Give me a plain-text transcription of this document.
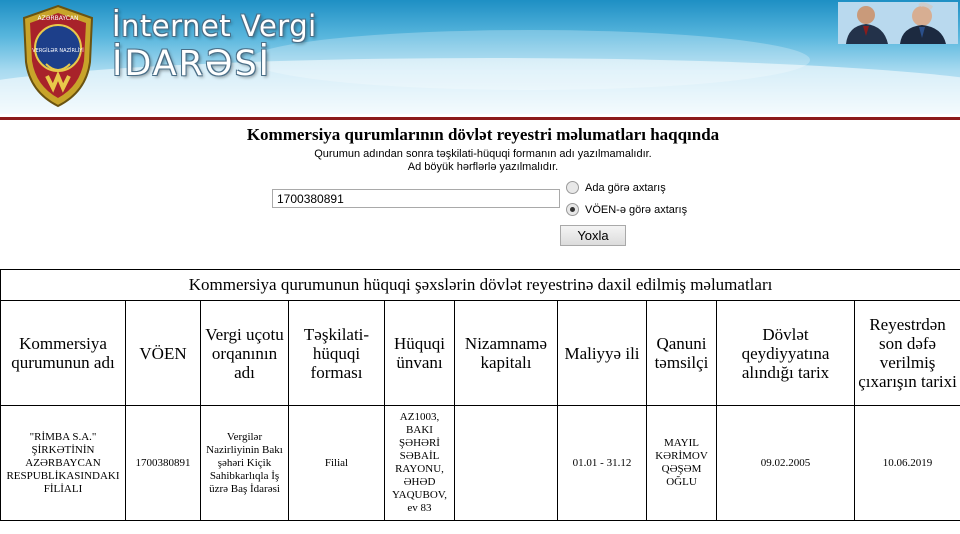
AZƏRBAYCAN
VERGİLƏR NAZİRLİYİ
İnternet Vergi
İDARƏSİ
Kommersiya qurumlarının dövlət reyestri məlumatları haqqında
Qurumun adından sonra təşkilati-hüquqi formanın adı yazılmamalıdır.
Ad böyük hərflərlə yazılmalıdır.
1700380891
Ada görə axtarış
VÖEN-ə görə axtarış
Yoxla
Kommersiya qurumunun hüquqi şəxslərin dövlət reyestrinə daxil edilmiş məlumatları									
Kommersiya qurumunun adı	VÖEN	Vergi uçotu orqanının adı	Təşkilati-hüquqi forması	Hüquqi ünvanı	Nizamnamə kapitalı	Maliyyə ili	Qanuni təmsilçi	Dövlət qeydiyyatına alındığı tarix	Reyestrdən son dəfə verilmiş çıxarışın tarixi
"RİMBA S.A." ŞİRKƏTİNİN AZƏRBAYCAN RESPUBLİKASINDAKI FİLİALI	1700380891	Vergilər Nazirliyinin Bakı şəhəri Kiçik Sahibkarlıqla İş üzrə Baş İdarəsi	Filial	AZ1003, BAKI ŞƏHƏRİ SƏBAİL RAYONU, ƏHƏD YAQUBOV, ev 83		01.01 - 31.12	MAYIL KƏRİMOV QƏŞƏM OĞLU	09.02.2005	10.06.2019
